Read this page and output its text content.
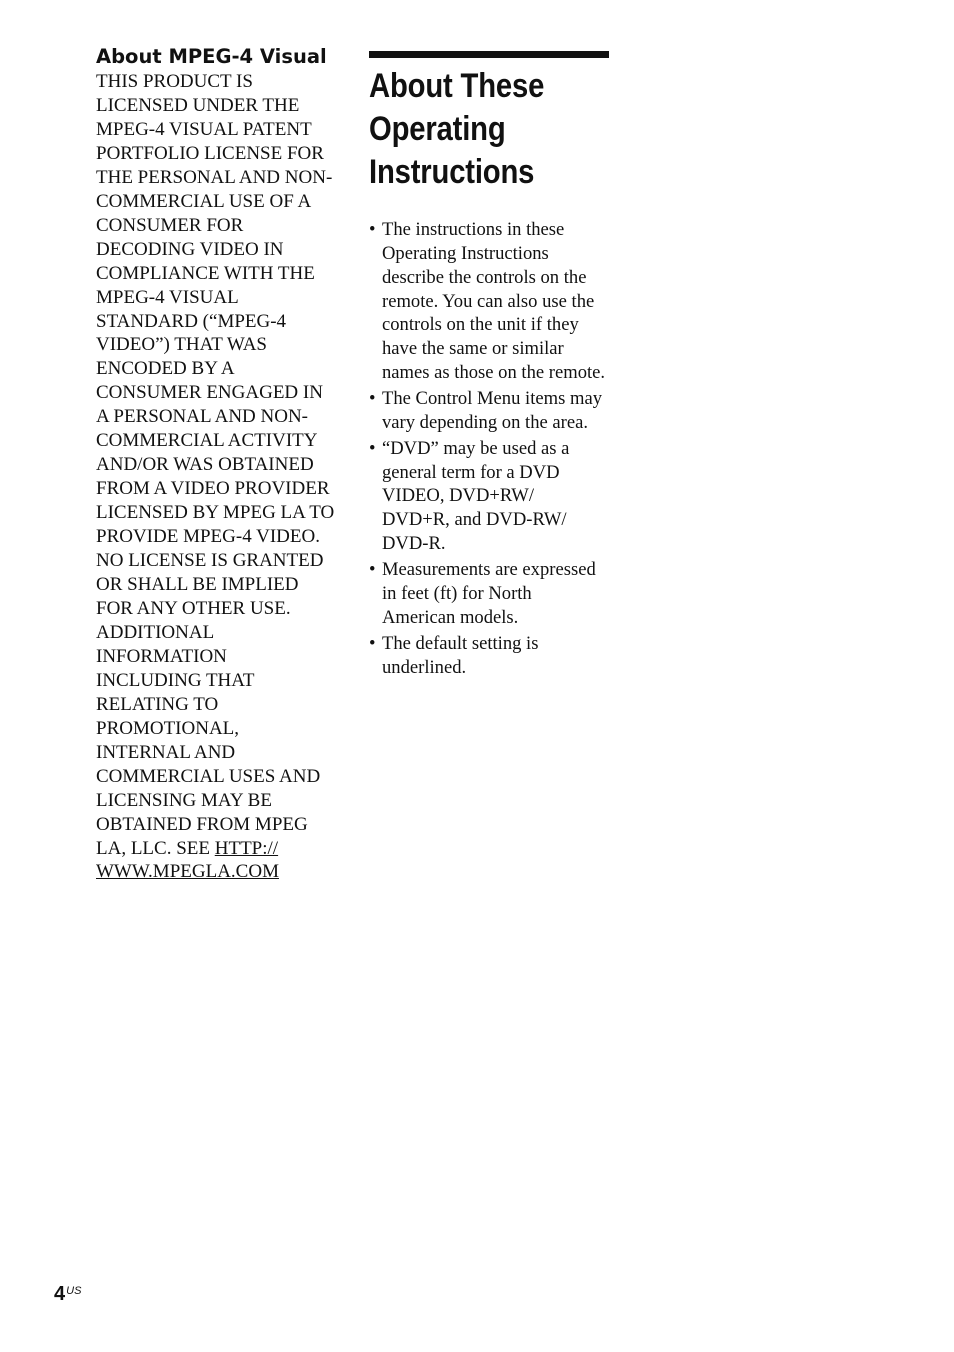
About MPEG-4 Visual
THIS PRODUCT IS
LICENSED UNDER THE
MPEG-4 VISUAL PATENT
PORTFOLIO LICENSE FOR
THE PERSONAL AND NON-
COMMERCIAL USE OF A
CONSUMER FOR
DECODING VIDEO IN
COMPLIANCE WITH THE
MPEG-4 VISUAL
STANDARD (“MPEG-4
VIDEO”) THAT WAS
ENCODED BY A
CONSUMER ENGAGED IN
A PERSONAL AND NON-
COMMERCIAL ACTIVITY
AND/OR WAS OBTAINED
FROM A VIDEO PROVIDER
LICENSED BY MPEG LA TO
PROVIDE MPEG-4 VIDEO.
NO LICENSE IS GRANTED
OR SHALL BE IMPLIED
FOR ANY OTHER USE.
ADDITIONAL
INFORMATION
INCLUDING THAT
RELATING TO
PROMOTIONAL,
INTERNAL AND
COMMERCIAL USES AND
LICENSING MAY BE
OBTAINED FROM MPEG
LA, LLC. SEE HTTP://
WWW.MPEGLA.COM
About These
Operating
Instructions
• The instructions in these
Operating Instructions
describe the controls on the
remote. You can also use the
controls on the unit if they
have the same or similar
names as those on the remote.
• The Control Menu items may
vary depending on the area.
• “DVD” may be used as a
general term for a DVD
VIDEO, DVD+RW/
DVD+R, and DVD-RW/
DVD-R.
• Measurements are expressed
in feet (ft) for North
American models.
• The default setting is
underlined.
$4^{US}$
